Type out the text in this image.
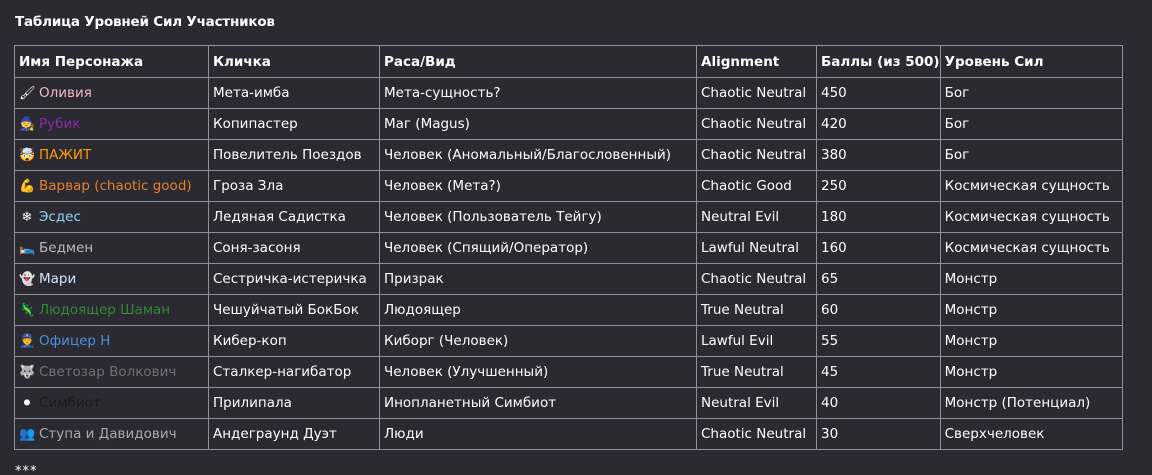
Таблица Уровней Сил Участников
Имя Персонажа	Кличка	Раса/Вид	Alignment	Баллы (из 500)	Уровень Сил
🖌 Оливия	Мета-имба	Мета-сущность?	Chaotic Neutral	450	Бог
🧙 Рубик	Копипастер	Маг (Magus)	Chaotic Neutral	420	Бог
🤯 ПАЖИТ	Повелитель Поездов	Человек (Аномальный/Благословенный)	Chaotic Neutral	380	Бог
💪 Варвар (chaotic good)	Гроза Зла	Человек (Мета?)	Chaotic Good	250	Космическая сущность
❄ Эсдес	Ледяная Садистка	Человек (Пользователь Тейгу)	Neutral Evil	180	Космическая сущность
🛌 Бедмен	Соня-засоня	Человек (Спящий/Оператор)	Lawful Neutral	160	Космическая сущность
👻 Мари	Сестричка-истеричка	Призрак	Chaotic Neutral	65	Монстр
🦎 Людоящер Шаман	Чешуйчатый БокБок	Людоящер	True Neutral	60	Монстр
👮 Офицер Н	Кибер-коп	Киборг (Человек)	Lawful Evil	55	Монстр
🐺 Светозар Волкович	Сталкер-нагибатор	Человек (Улучшенный)	True Neutral	45	Монстр
⚫ Симбиот	Прилипала	Инопланетный Симбиот	Neutral Evil	40	Монстр (Потенциал)
👥 Ступа и Давидович	Андеграунд Дуэт	Люди	Chaotic Neutral	30	Сверхчеловек
***
